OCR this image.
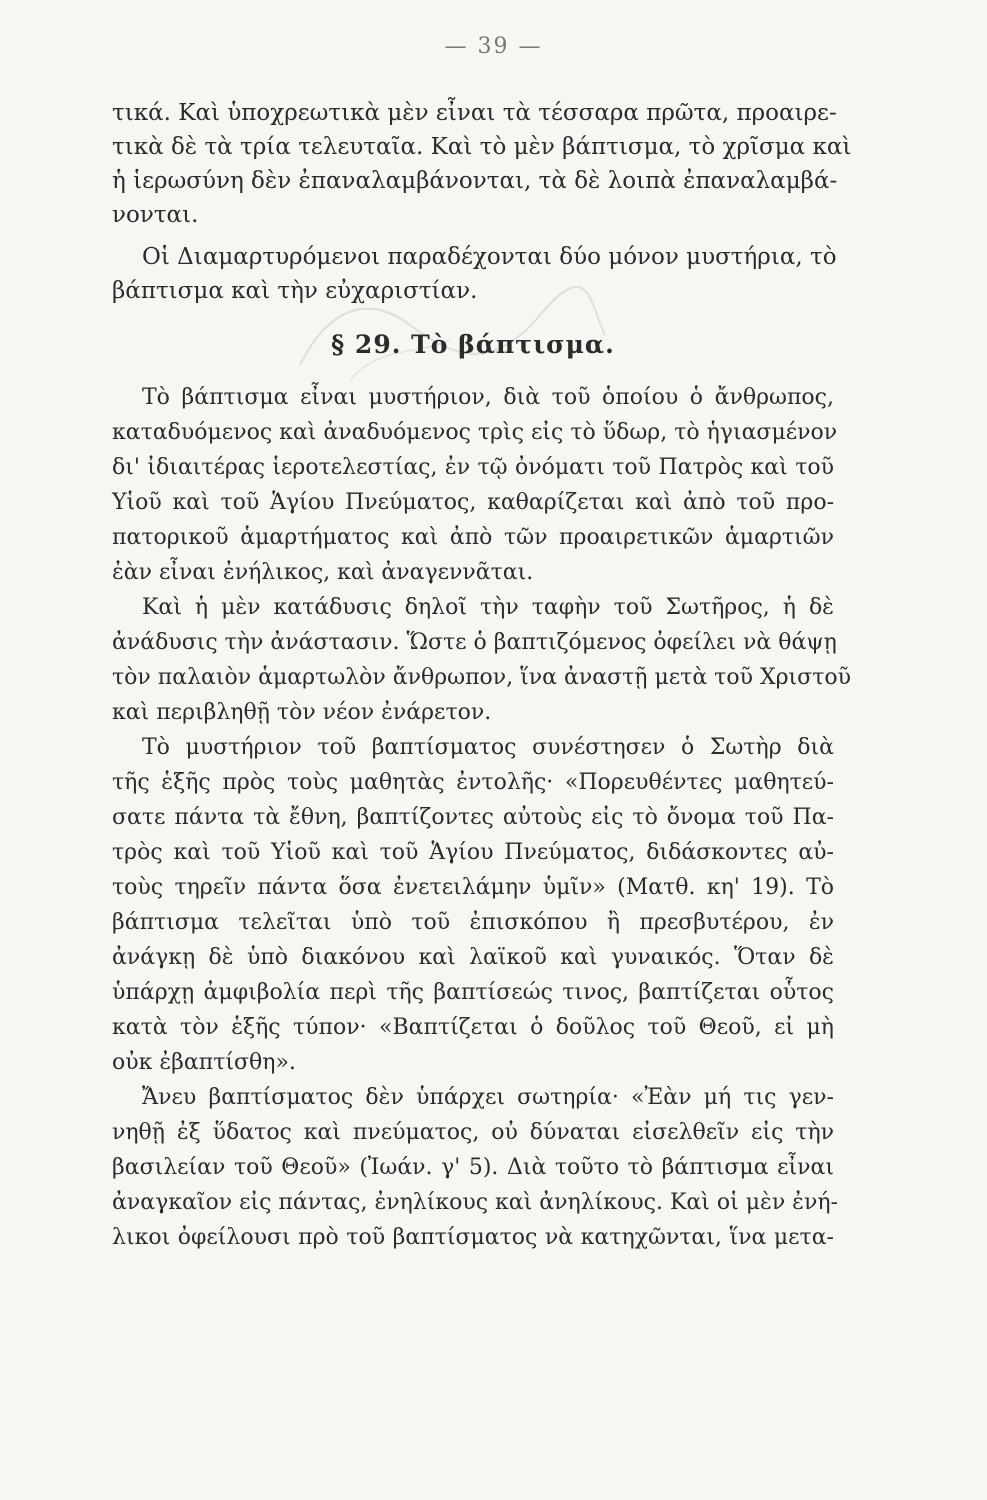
— 39 —
τικά. Καὶ ὑποχρεωτικὰ μὲν εἶναι τὰ τέσσαρα πρῶτα, προαιρε-
τικὰ δὲ τὰ τρία τελευταῖα. Καὶ τὸ μὲν βάπτισμα, τὸ χρῖσμα καὶ
ἡ ἱερωσύνη δὲν ἐπαναλαμβάνονται, τὰ δὲ λοιπὰ ἐπαναλαμβά-
νονται.
Οἱ Διαμαρτυρόμενοι παραδέχονται δύο μόνον μυστήρια, τὸ
βάπτισμα καὶ τὴν εὐχαριστίαν.
§ 29. Τὸ βάπτισμα.
Τὸ βάπτισμα εἶναι μυστήριον, διὰ τοῦ ὁποίου ὁ ἄνθρωπος,
καταδυόμενος καὶ ἀναδυόμενος τρὶς εἰς τὸ ὕδωρ, τὸ ἡγιασμένον
δι' ἰδιαιτέρας ἱεροτελεστίας, ἐν τῷ ὀνόματι τοῦ Πατρὸς καὶ τοῦ
Υἱοῦ καὶ τοῦ Ἁγίου Πνεύματος, καθαρίζεται καὶ ἀπὸ τοῦ προ-
πατορικοῦ ἁμαρτήματος καὶ ἀπὸ τῶν προαιρετικῶν ἁμαρτιῶν
ἐὰν εἶναι ἐνήλικος, καὶ ἀναγεννᾶται.
Καὶ ἡ μὲν κατάδυσις δηλοῖ τὴν ταφὴν τοῦ Σωτῆρος, ἡ δὲ
ἀνάδυσις τὴν ἀνάστασιν. Ὥστε ὁ βαπτιζόμενος ὀφείλει νὰ θάψῃ
τὸν παλαιὸν ἁμαρτωλὸν ἄνθρωπον, ἵνα ἀναστῇ μετὰ τοῦ Χριστοῦ
καὶ περιβληθῇ τὸν νέον ἐνάρετον.
Τὸ μυστήριον τοῦ βαπτίσματος συνέστησεν ὁ Σωτὴρ διὰ
τῆς ἑξῆς πρὸς τοὺς μαθητὰς ἐντολῆς· «Πορευθέντες μαθητεύ-
σατε πάντα τὰ ἔθνη, βαπτίζοντες αὐτοὺς εἰς τὸ ὄνομα τοῦ Πα-
τρὸς καὶ τοῦ Υἱοῦ καὶ τοῦ Ἁγίου Πνεύματος, διδάσκοντες αὐ-
τοὺς τηρεῖν πάντα ὅσα ἐνετειλάμην ὑμῖν» (Ματθ. κη' 19). Τὸ
βάπτισμα τελεῖται ὑπὸ τοῦ ἐπισκόπου ἢ πρεσβυτέρου, ἐν
ἀνάγκῃ δὲ ὑπὸ διακόνου καὶ λαϊκοῦ καὶ γυναικός. Ὅταν δὲ
ὑπάρχῃ ἀμφιβολία περὶ τῆς βαπτίσεώς τινος, βαπτίζεται οὗτος
κατὰ τὸν ἑξῆς τύπον· «Βαπτίζεται ὁ δοῦλος τοῦ Θεοῦ, εἰ μὴ
οὐκ ἐβαπτίσθη».
Ἄνευ βαπτίσματος δὲν ὑπάρχει σωτηρία· «Ἐὰν μή τις γεν-
νηθῇ ἐξ ὕδατος καὶ πνεύματος, οὐ δύναται εἰσελθεῖν εἰς τὴν
βασιλείαν τοῦ Θεοῦ» (Ἰωάν. γ' 5). Διὰ τοῦτο τὸ βάπτισμα εἶναι
ἀναγκαῖον εἰς πάντας, ἐνηλίκους καὶ ἀνηλίκους. Καὶ οἱ μὲν ἐνή-
λικοι ὀφείλουσι πρὸ τοῦ βαπτίσματος νὰ κατηχῶνται, ἵνα μετα-
